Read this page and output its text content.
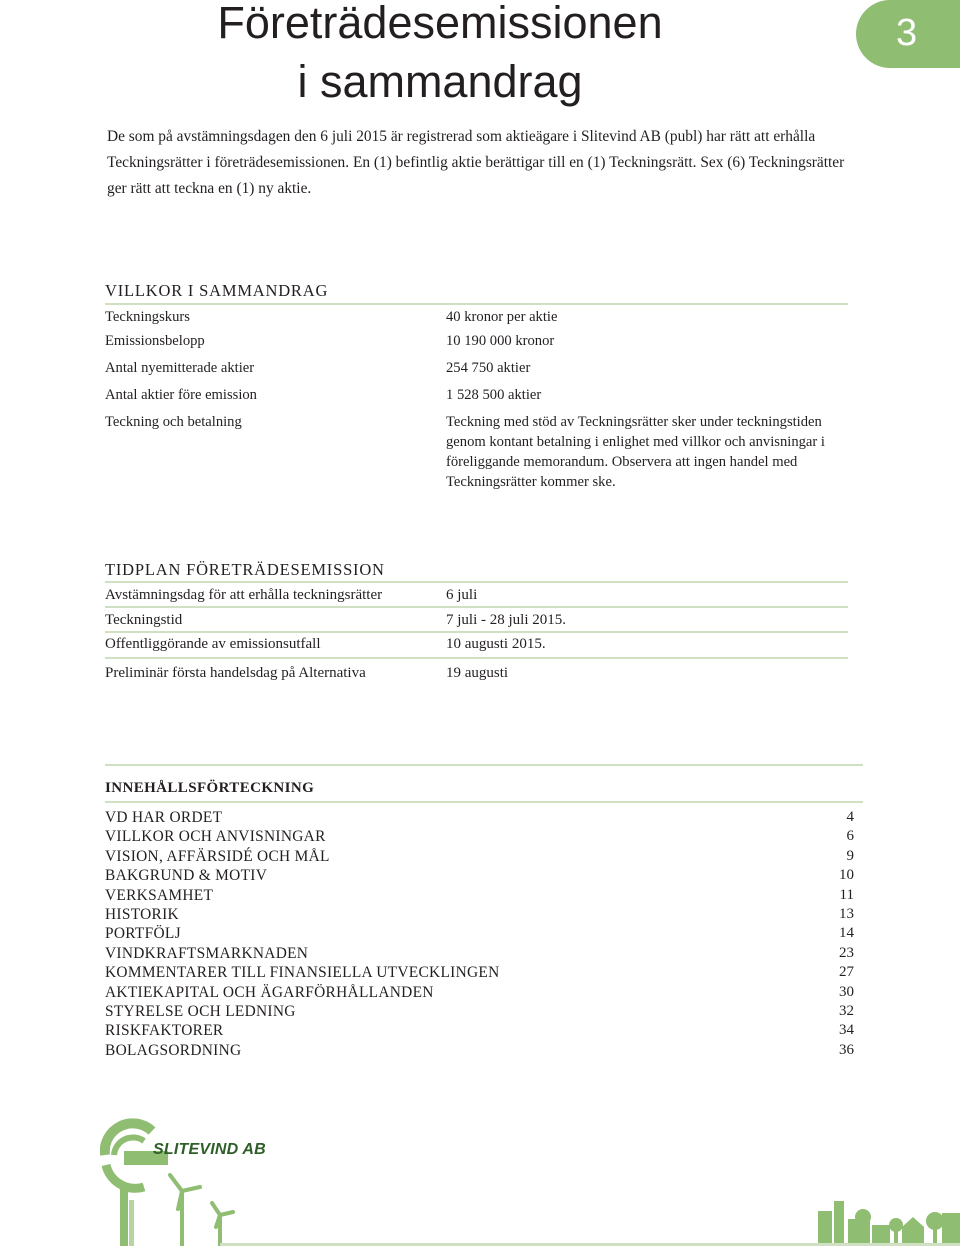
Företrädesemissionen
i sammandrag
3

De som på avstämningsdagen den 6 juli 2015 är registrerad som aktieägare i Slitevind AB (publ) har rätt att erhålla Teckningsrätter i företrädesemissionen. En (1) befintlig aktie berättigar till en (1) Teckningsrätt. Sex (6) Teckningsrätter ger rätt att teckna en (1) ny aktie.

VILLKOR I SAMMANDRAG
Teckningskurs	40 kronor per aktie
Emissionsbelopp	10 190 000 kronor
Antal nyemitterade aktier	254 750 aktier
Antal aktier före emission	1 528 500 aktier
Teckning och betalning	Teckning med stöd av Teckningsrätter sker under teckningstiden genom kontant betalning i enlighet med villkor och anvisningar i föreliggande memorandum. Observera att ingen handel med Teckningsrätter kommer ske.
TIDPLAN FÖRETRÄDESEMISSION
Avstämningsdag för att erhålla teckningsrätter	6 juli
Teckningstid	7 juli - 28 juli 2015.
Offentliggörande av emissionsutfall	10 augusti 2015.
Preliminär första handelsdag på Alternativa	19 augusti
INNEHÅLLSFÖRTECKNING
VD HAR ORDET	4
VILLKOR OCH ANVISNINGAR	6
VISION, AFFÄRSIDÉ OCH MÅL	9
BAKGRUND & MOTIV	10
VERKSAMHET	11
HISTORIK	13
PORTFÖLJ	14
VINDKRAFTSMARKNADEN	23
KOMMENTARER TILL FINANSIELLA UTVECKLINGEN	27
AKTIEKAPITAL OCH ÄGARFÖRHÅLLANDEN	30
STYRELSE OCH LEDNING	32
RISKFAKTORER	34
BOLAGSORDNING	36
SLITEVIND AB
